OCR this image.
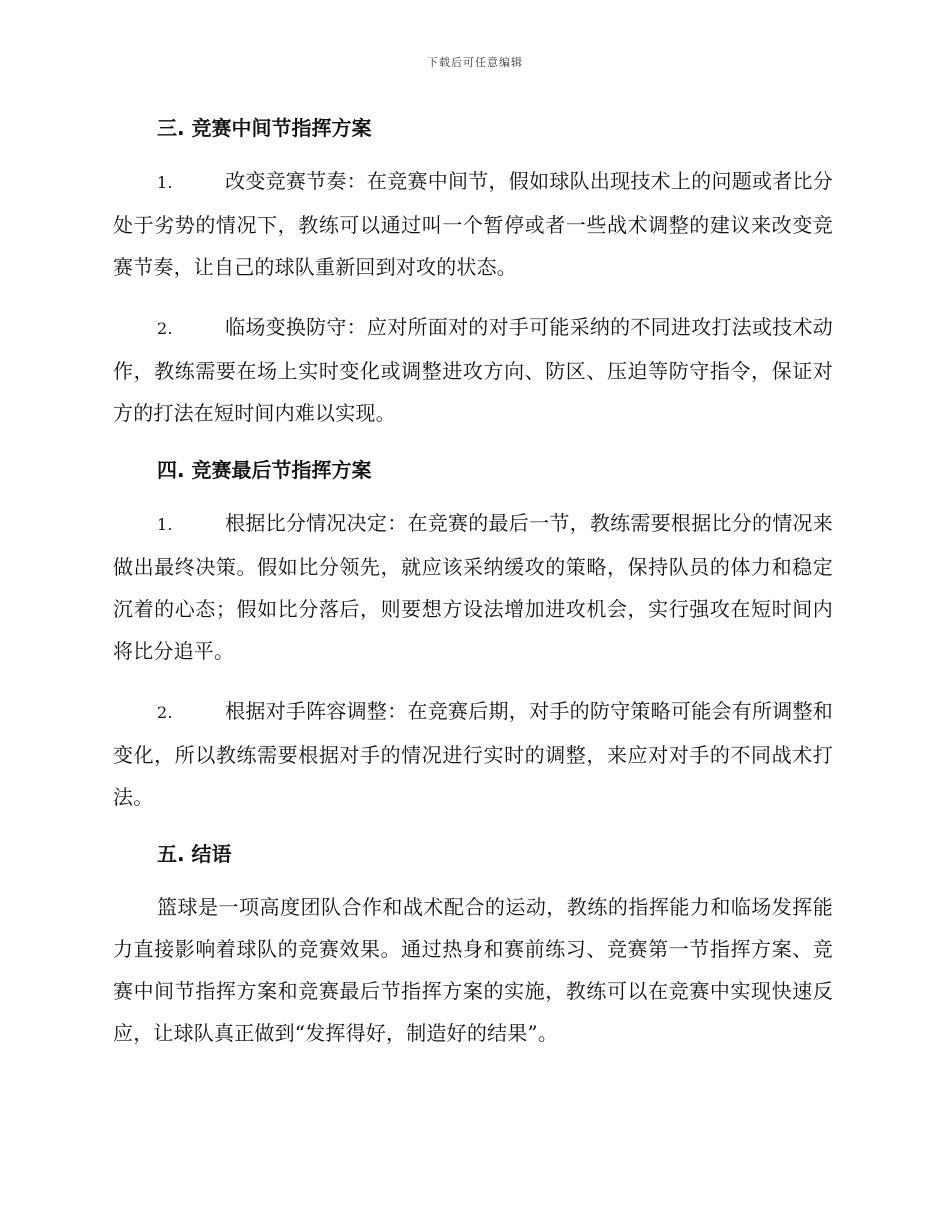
下载后可任意编辑
三. 竞赛中间节指挥方案

1.	改变竞赛节奏：在竞赛中间节，假如球队出现技术上的问题或者比分处于劣势的情况下，教练可以通过叫一个暂停或者一些战术调整的建议来改变竞赛节奏，让自己的球队重新回到对攻的状态。

2.	临场变换防守：应对所面对的对手可能采纳的不同进攻打法或技术动作，教练需要在场上实时变化或调整进攻方向、防区、压迫等防守指令，保证对方的打法在短时间内难以实现。

四. 竞赛最后节指挥方案

1.	根据比分情况决定：在竞赛的最后一节，教练需要根据比分的情况来做出最终决策。假如比分领先，就应该采纳缓攻的策略，保持队员的体力和稳定沉着的心态；假如比分落后，则要想方设法增加进攻机会，实行强攻在短时间内将比分追平。

2.	根据对手阵容调整：在竞赛后期，对手的防守策略可能会有所调整和变化，所以教练需要根据对手的情况进行实时的调整，来应对对手的不同战术打法。

五. 结语

篮球是一项高度团队合作和战术配合的运动，教练的指挥能力和临场发挥能力直接影响着球队的竞赛效果。通过热身和赛前练习、竞赛第一节指挥方案、竞赛中间节指挥方案和竞赛最后节指挥方案的实施，教练可以在竞赛中实现快速反应，让球队真正做到“发挥得好，制造好的结果”。
